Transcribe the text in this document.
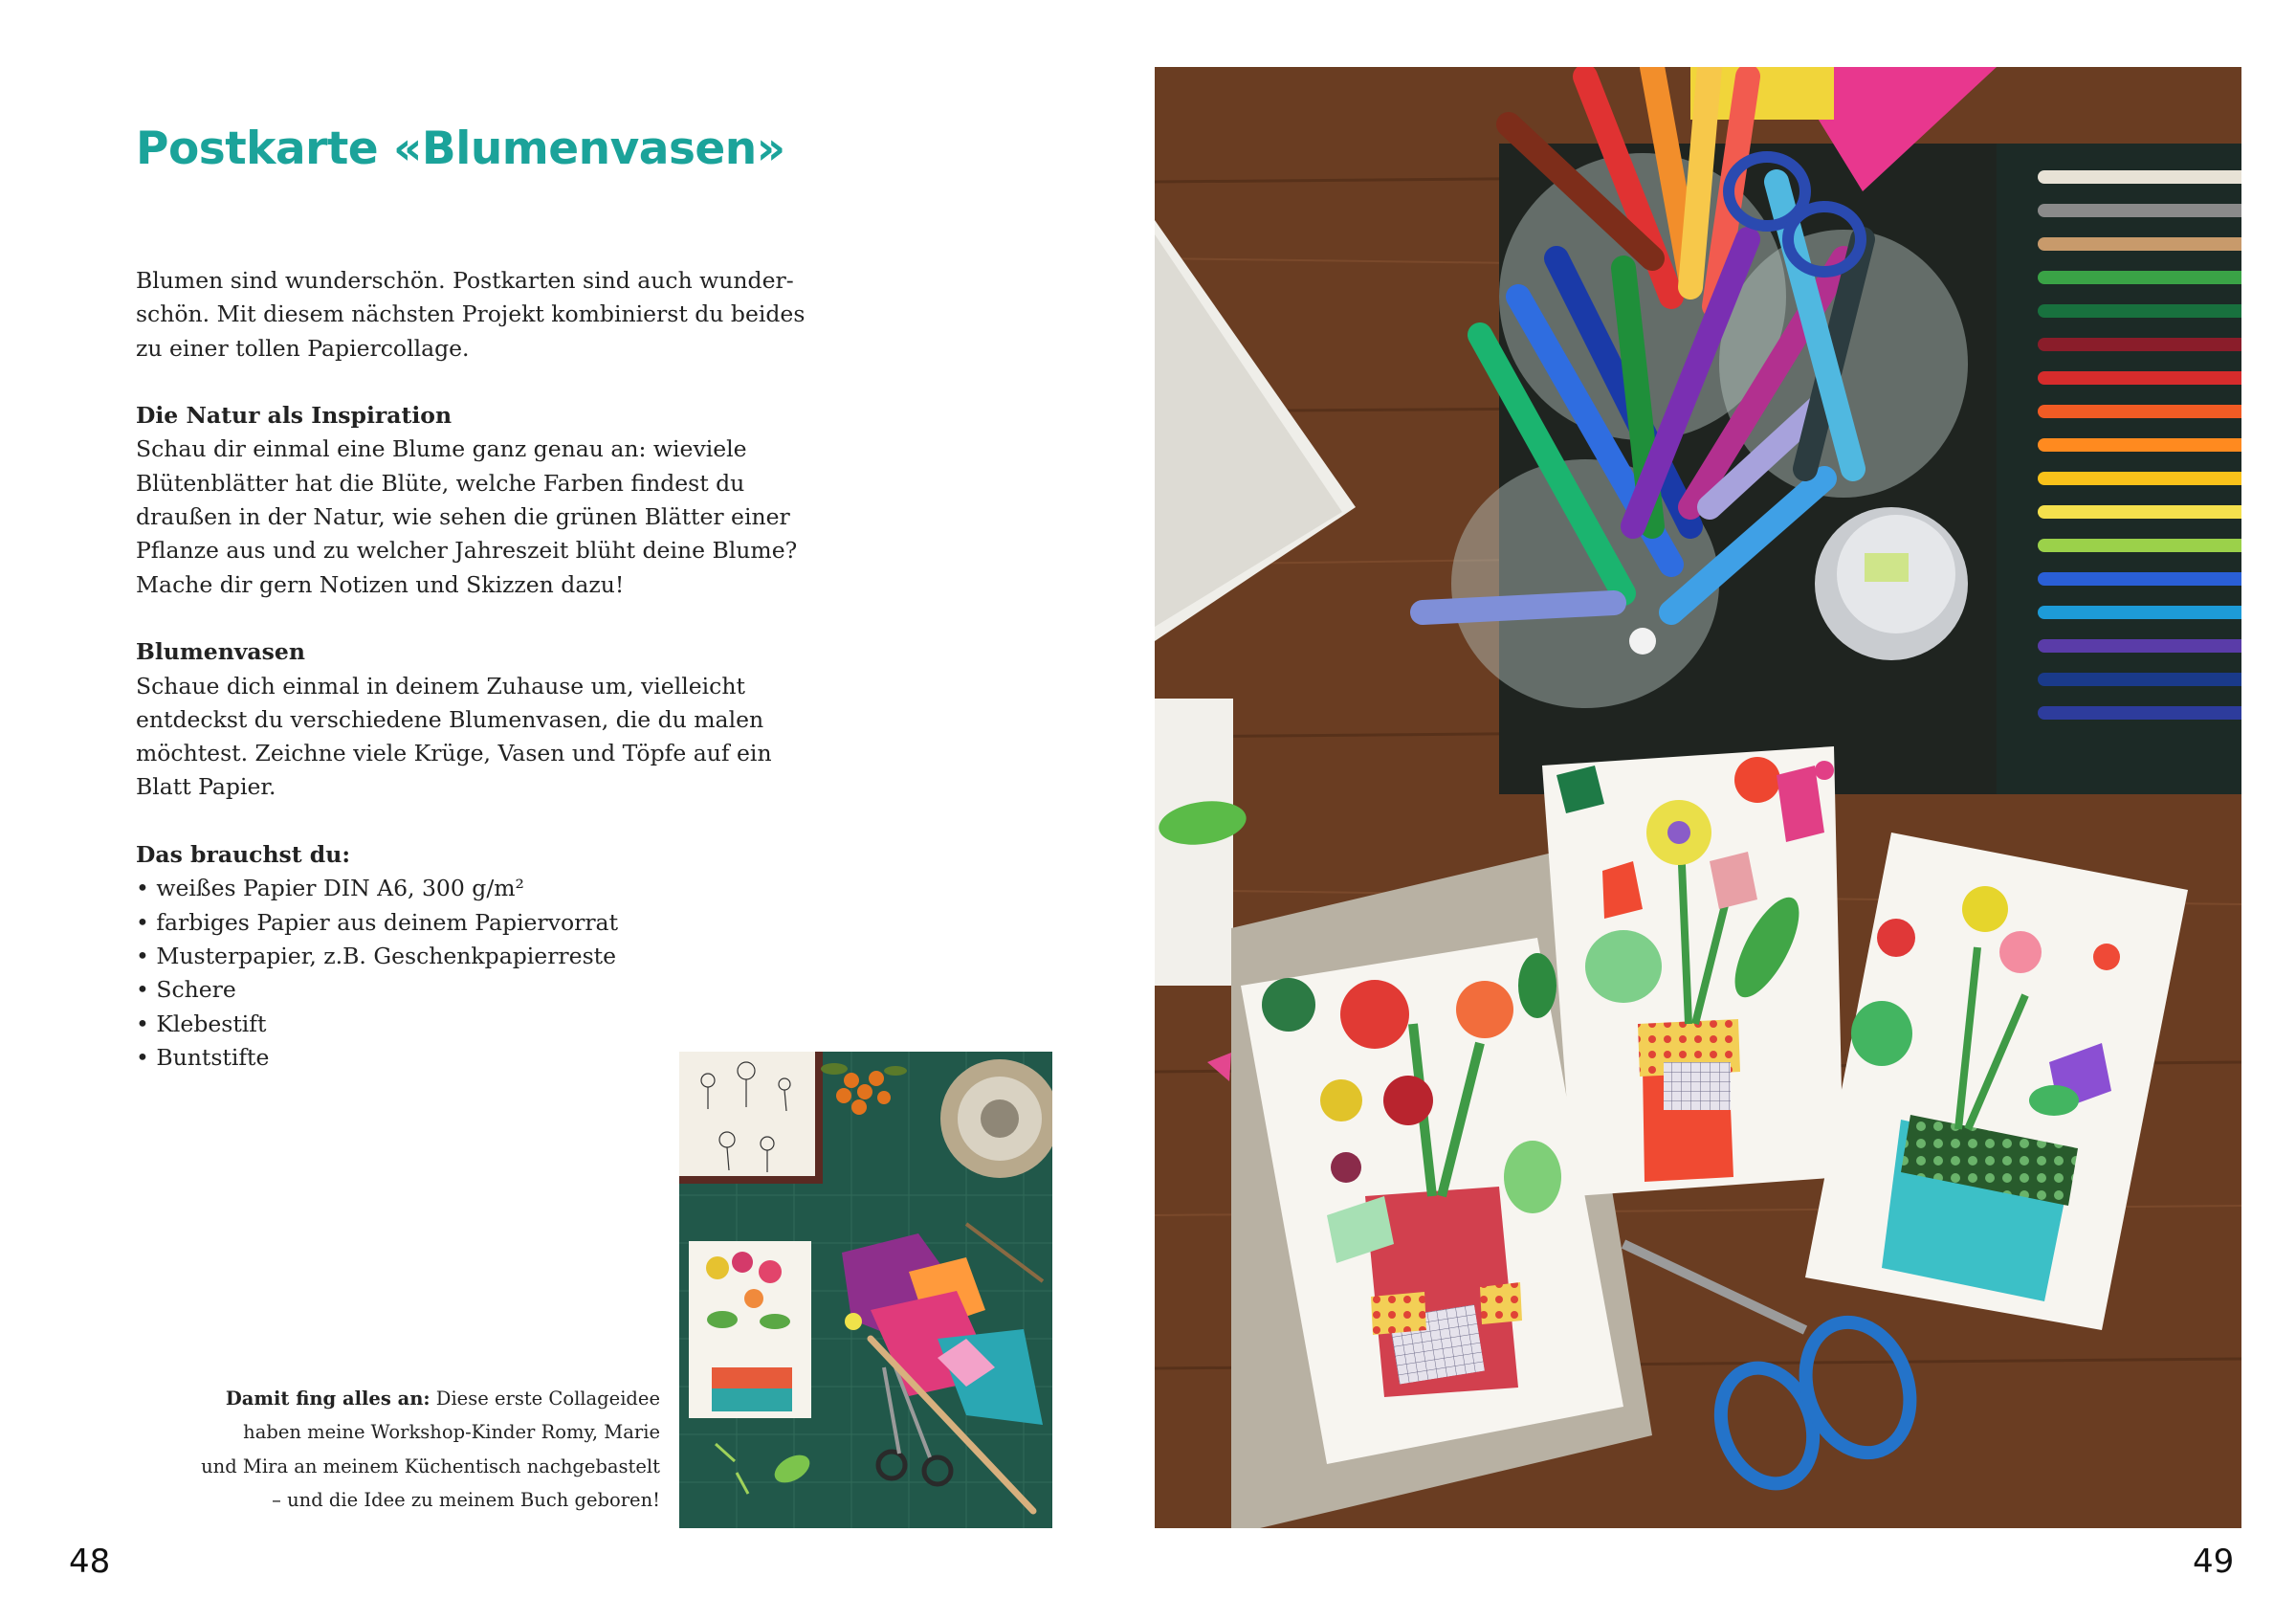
Postkarte «Blumenvasen»

Blumen sind wunderschön. Postkarten sind auch wunder-

schön. Mit diesem nächsten Projekt kombinierst du beides

zu einer tollen Papiercollage.

Die Natur als Inspiration

Schau dir einmal eine Blume ganz genau an: wieviele

Blütenblätter hat die Blüte, welche Farben findest du

draußen in der Natur, wie sehen die grünen Blätter einer

Pflanze aus und zu welcher Jahreszeit blüht deine Blume?

Mache dir gern Notizen und Skizzen dazu!

Blumenvasen

Schaue dich einmal in deinem Zuhause um, vielleicht

entdeckst du verschiedene Blumenvasen, die du malen

möchtest. Zeichne viele Krüge, Vasen und Töpfe auf ein

Blatt Papier.

Das brauchst du:

• weißes Papier DIN A6, 300 g/m²
• farbiges Papier aus deinem Papiervorrat
• Musterpapier, z.B. Geschenkpapierreste
• Schere
• Klebestift
• Buntstifte
Damit fing alles an: Diese erste Collageidee
haben meine Workshop-Kinder Romy, Marie
und Mira an meinem Küchentisch nachgebastelt
– und die Idee zu meinem Buch geboren!

48	49
